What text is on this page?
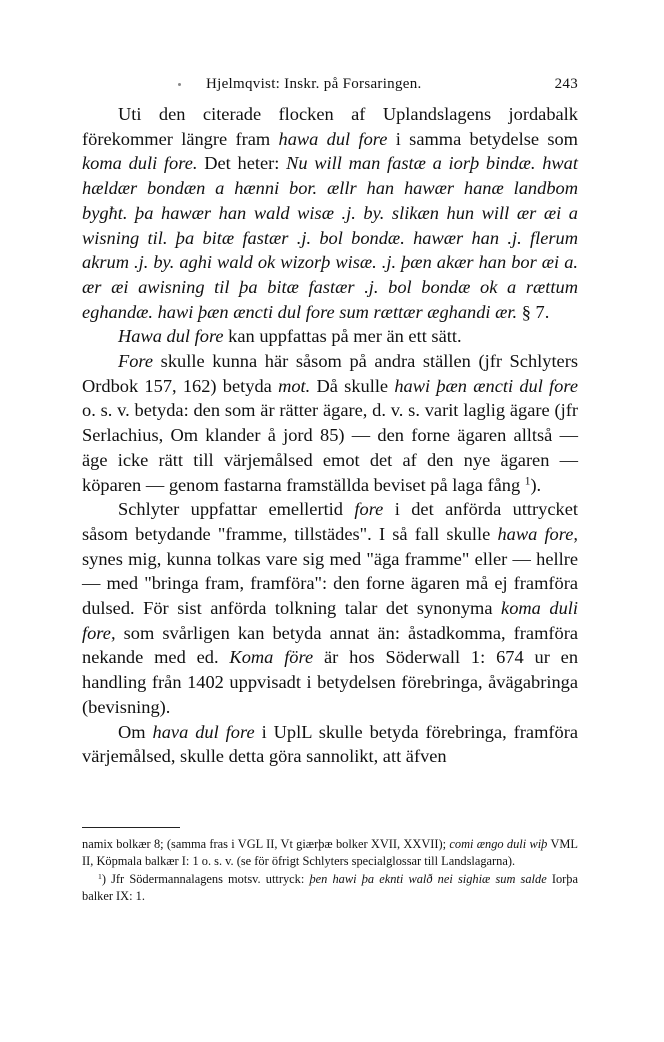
Hjelmqvist: Inskr. på Forsaringen.	243

Uti den citerade flocken af Uplandslagens jordabalk förekommer längre fram hawa dul fore i samma betydelse som koma duli fore. Det heter: Nu will man fastæ a iorþ bindæ. hwat hældær bondæn a hænni bor. ællr han hawær hanæ landbom bygħt. þa hawær han wald wisæ .j. by. slikæn hun will ær æi a wisning til. þa bitæ fastær .j. bol bondæ. hawær han .j. flerum akrum .j. by. aghi wald ok wizorþ wisæ. .j. þæn akær han bor æi a. ær æi awisning til þa bitæ fastær .j. bol bondæ ok a rættum eghandæ. hawi þæn æncti dul fore sum rættær æghandi ær. § 7.

Hawa dul fore kan uppfattas på mer än ett sätt.

Fore skulle kunna här såsom på andra ställen (jfr Schlyters Ordbok 157, 162) betyda mot. Då skulle hawi þæn æncti dul fore o. s. v. betyda: den som är rätter ägare, d. v. s. varit laglig ägare (jfr Serlachius, Om klander å jord 85) — den forne ägaren alltså — äge icke rätt till värjemålsed emot det af den nye ägaren — köparen — genom fastarna framställda beviset på laga fång $^1$).

Schlyter uppfattar emellertid fore i det anförda uttrycket såsom betydande "framme, tillstädes". I så fall skulle hawa fore, synes mig, kunna tolkas vare sig med "äga framme" eller — hellre — med "bringa fram, framföra": den forne ägaren må ej framföra dulsed. För sist anförda tolkning talar det synonyma koma duli fore, som svårligen kan betyda annat än: åstadkomma, framföra nekande med ed. Koma före är hos Söderwall 1: 674 ur en handling från 1402 uppvisadt i betydelsen förebringa, åvägabringa (bevisning).

Om hava dul fore i UplL skulle betyda förebringa, framföra värjemålsed, skulle detta göra sannolikt, att äfven

namix bolkær 8; (samma fras i VGL II, Vt giærþæ bolker XVII, XXVII); comi ængo duli wiþ VML II, Köpmala balkær I: 1 o. s. v. (se för öfrigt Schlyters specialglossar till Landslagarna).

$^1$) Jfr Södermannalagens motsv. uttryck: þen hawi þa eknti walð nei sighiæ sum salde Iorþa balker IX: 1.
